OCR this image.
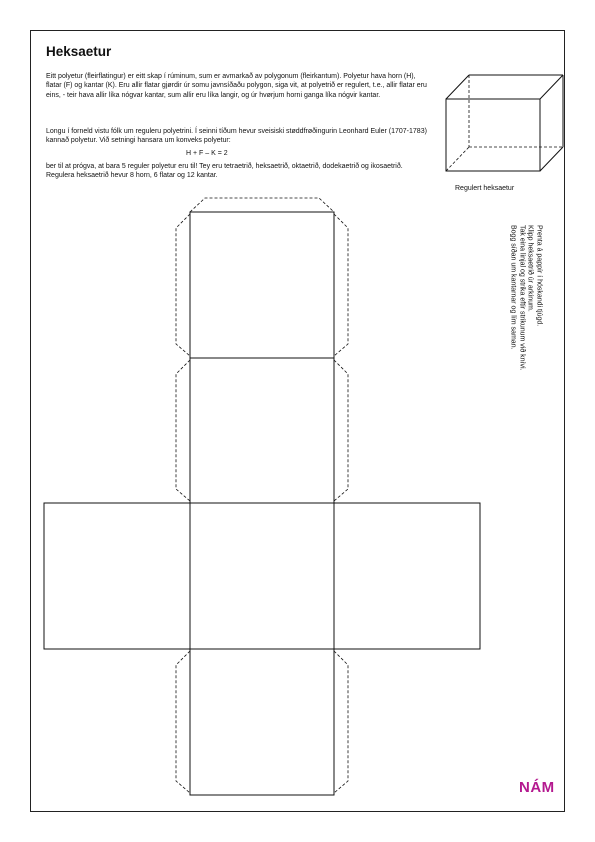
Heksaetur

Eitt polyetur (fleirflatingur) er eitt skap í rúminum, sum er avmarkað av polygonum (fleirkantum). Polyetur hava horn (H), flatar (F) og kantar (K). Eru allir flatar gjørdir úr somu javnsíðaðu polygon, siga vit, at polyetrið er regulert, t.e., allir flatar eru eins, - teir hava allir líka nógvar kantar, sum allir eru líka langir, og úr hvørjum horni ganga líka nógvir kantar.

Longu í forneld vistu fólk um reguleru polyetrini. Í seinni tíðum hevur sveisiski støddfrøðingurin Leonhard Euler (1707-1783) kannað polyetur. Við setningi hansara um konveks polyetur:

H + F – K = 2

ber til at prógva, at bara 5 reguler polyetur eru til! Tey eru tetraetrið, heksaetrið, oktaetrið, dodekaetrið og ikosaetrið. Regulera heksaetrið hevur 8 horn, 6 flatar og 12 kantar.

Regulert heksaetur
Prenta á pappír í hóskandi tjúgd.
Klipp heksaetrið úr arkinum.
Tak eina linjal og strika eftir strikunum við knívi.
Bogg síðan um kantarnar og lím saman.
NÁM
